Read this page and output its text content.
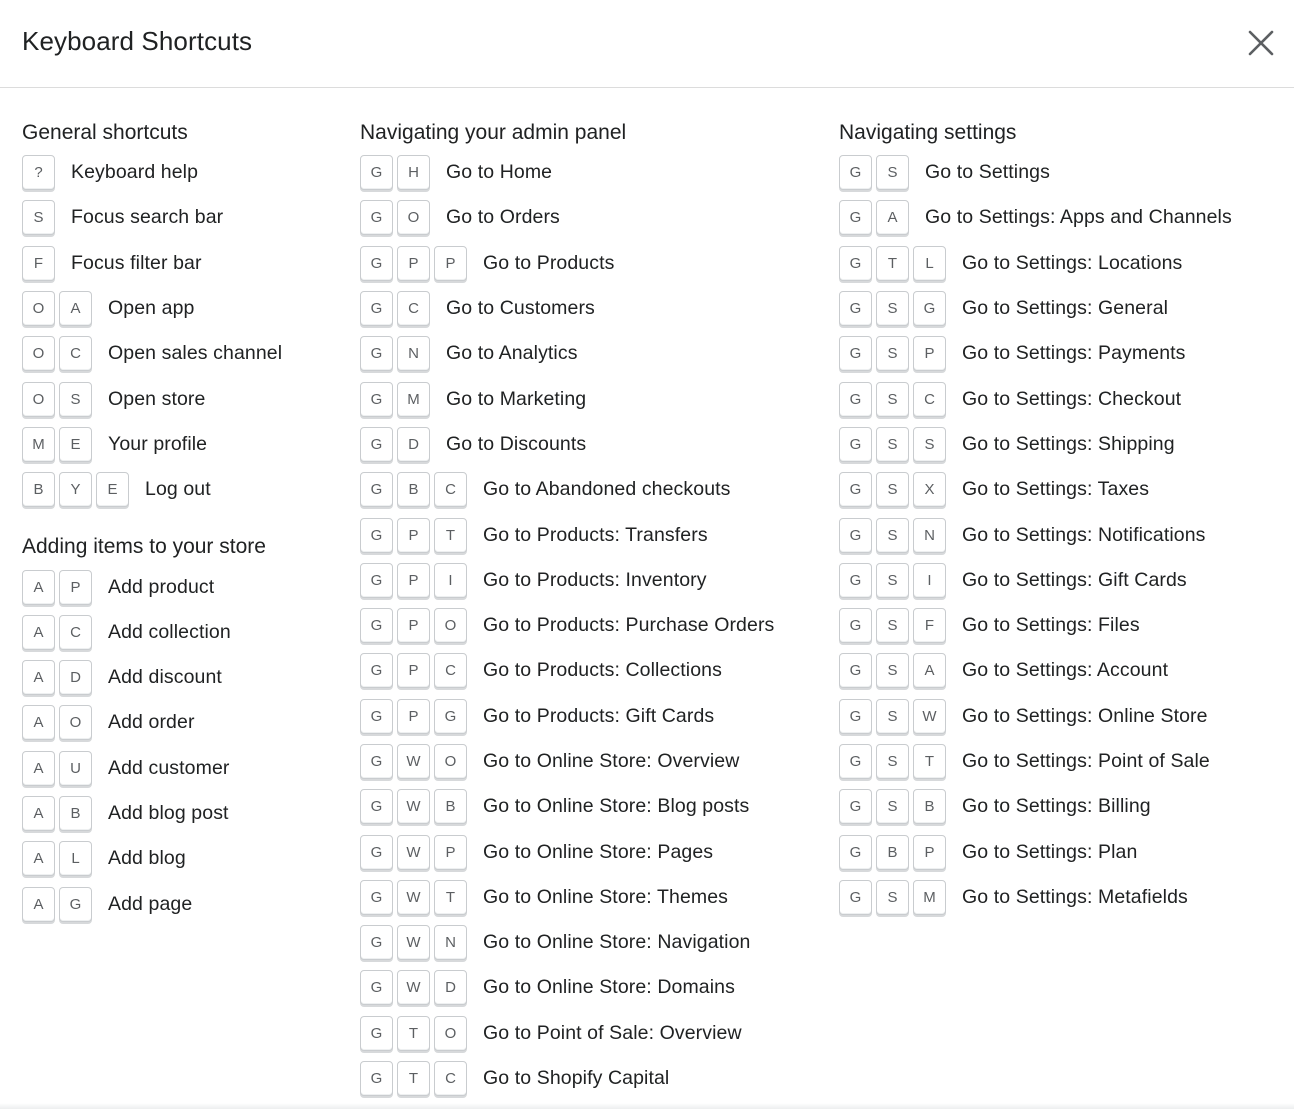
Keyboard Shortcuts
General shortcuts
?	Keyboard help
S	Focus search bar
F	Focus filter bar
O	A	Open app
O	C	Open sales channel
O	S	Open store
M	E	Your profile
B	Y	E	Log out
Adding items to your store
A	P	Add product
A	C	Add collection
A	D	Add discount
A	O	Add order
A	U	Add customer
A	B	Add blog post
A	L	Add blog
A	G	Add page
Navigating your admin panel
G	H	Go to Home
G	O	Go to Orders
G	P	P	Go to Products
G	C	Go to Customers
G	N	Go to Analytics
G	M	Go to Marketing
G	D	Go to Discounts
G	B	C	Go to Abandoned checkouts
G	P	T	Go to Products: Transfers
G	P	I	Go to Products: Inventory
G	P	O	Go to Products: Purchase Orders
G	P	C	Go to Products: Collections
G	P	G	Go to Products: Gift Cards
G	W	O	Go to Online Store: Overview
G	W	B	Go to Online Store: Blog posts
G	W	P	Go to Online Store: Pages
G	W	T	Go to Online Store: Themes
G	W	N	Go to Online Store: Navigation
G	W	D	Go to Online Store: Domains
G	T	O	Go to Point of Sale: Overview
G	T	C	Go to Shopify Capital
Navigating settings
G	S	Go to Settings
G	A	Go to Settings: Apps and Channels
G	T	L	Go to Settings: Locations
G	S	G	Go to Settings: General
G	S	P	Go to Settings: Payments
G	S	C	Go to Settings: Checkout
G	S	S	Go to Settings: Shipping
G	S	X	Go to Settings: Taxes
G	S	N	Go to Settings: Notifications
G	S	I	Go to Settings: Gift Cards
G	S	F	Go to Settings: Files
G	S	A	Go to Settings: Account
G	S	W	Go to Settings: Online Store
G	S	T	Go to Settings: Point of Sale
G	S	B	Go to Settings: Billing
G	B	P	Go to Settings: Plan
G	S	M	Go to Settings: Metafields
